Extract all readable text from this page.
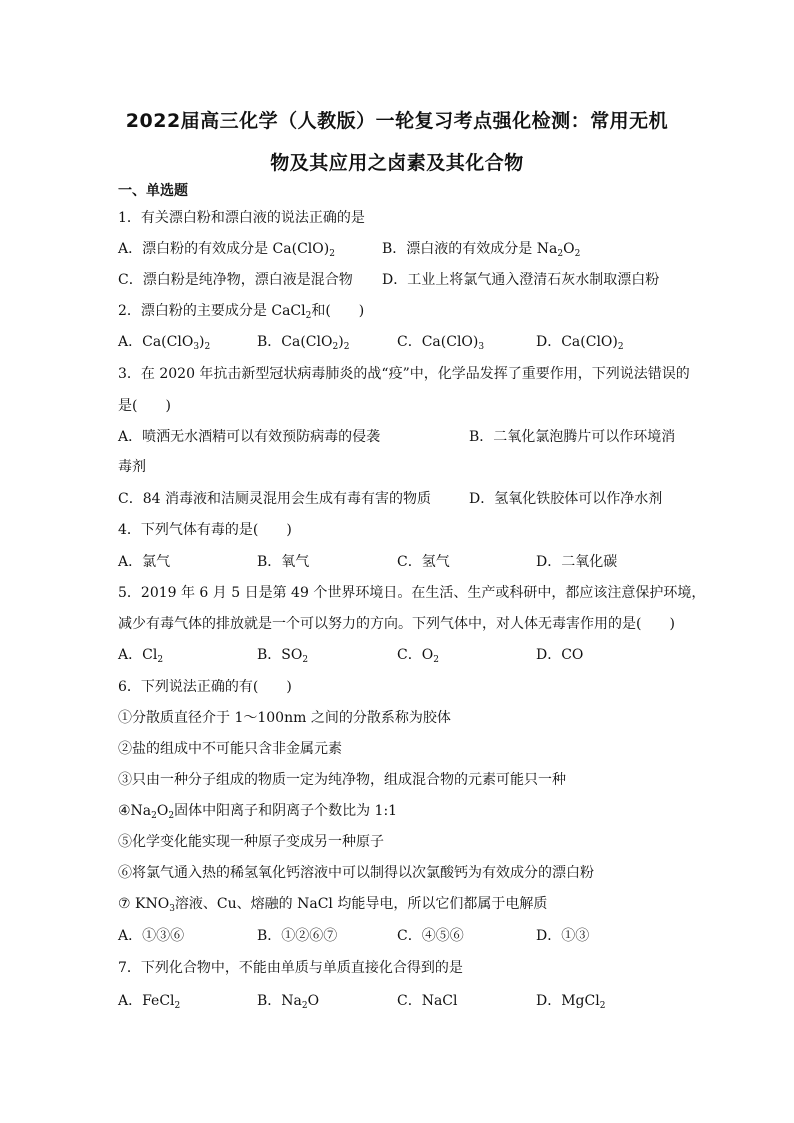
2022届高三化学（人教版）一轮复习考点强化检测：常用无机
物及其应用之卤素及其化合物
一、单选题
1．有关漂白粉和漂白液的说法正确的是
A．漂白粉的有效成分是 $Ca(ClO)_2$	B．漂白液的有效成分是 $Na_2O_2$
C．漂白粉是纯净物，漂白液是混合物 D．工业上将氯气通入澄清石灰水制取漂白粉
2．漂白粉的主要成分是 CaCl$_2$和(　　)
A．$Ca(ClO_3)_2$	B．$Ca(ClO_2)_2$	C．$Ca(ClO)_3$	D．$Ca(ClO)_2$
3．在 2020 年抗击新型冠状病毒肺炎的战“疫”中，化学品发挥了重要作用，下列说法错误的
是(　　)
A．喷洒无水酒精可以有效预防病毒的侵袭	B．二氧化氯泡腾片可以作环境消
毒剂
C．84 消毒液和洁厕灵混用会生成有毒有害的物质	D．氢氧化铁胶体可以作净水剂
4．下列气体有毒的是(　　)
A．氯气	B．氧气	C．氢气	D．二氧化碳
5．2019 年 6 月 5 日是第 49 个世界环境日。在生活、生产或科研中，都应该注意保护环境，
减少有毒气体的排放就是一个可以努力的方向。下列气体中，对人体无毒害作用的是(　　)
A．$Cl_2$	B．$SO_2$	C．$O_2$	D．CO
6．下列说法正确的有(　　)
①分散质直径介于 1～100nm 之间的分散系称为胶体
②盐的组成中不可能只含非金属元素
③只由一种分子组成的物质一定为纯净物，组成混合物的元素可能只一种
$④Na_2O_2$固体中阳离子和阴离子个数比为 1:1
⑤化学变化能实现一种原子变成另一种原子
⑥将氯气通入热的稀氢氧化钙溶液中可以制得以次氯酸钙为有效成分的漂白粉
⑦ $KNO_3$溶液、Cu、熔融的 NaCl 均能导电，所以它们都属于电解质
A．①③⑥	B．①②⑥⑦	C．④⑤⑥	D．①③
7．下列化合物中，不能由单质与单质直接化合得到的是
A．FeCl$_2$	B．$Na_2O$	C．NaCl	D．MgCl$_2$
